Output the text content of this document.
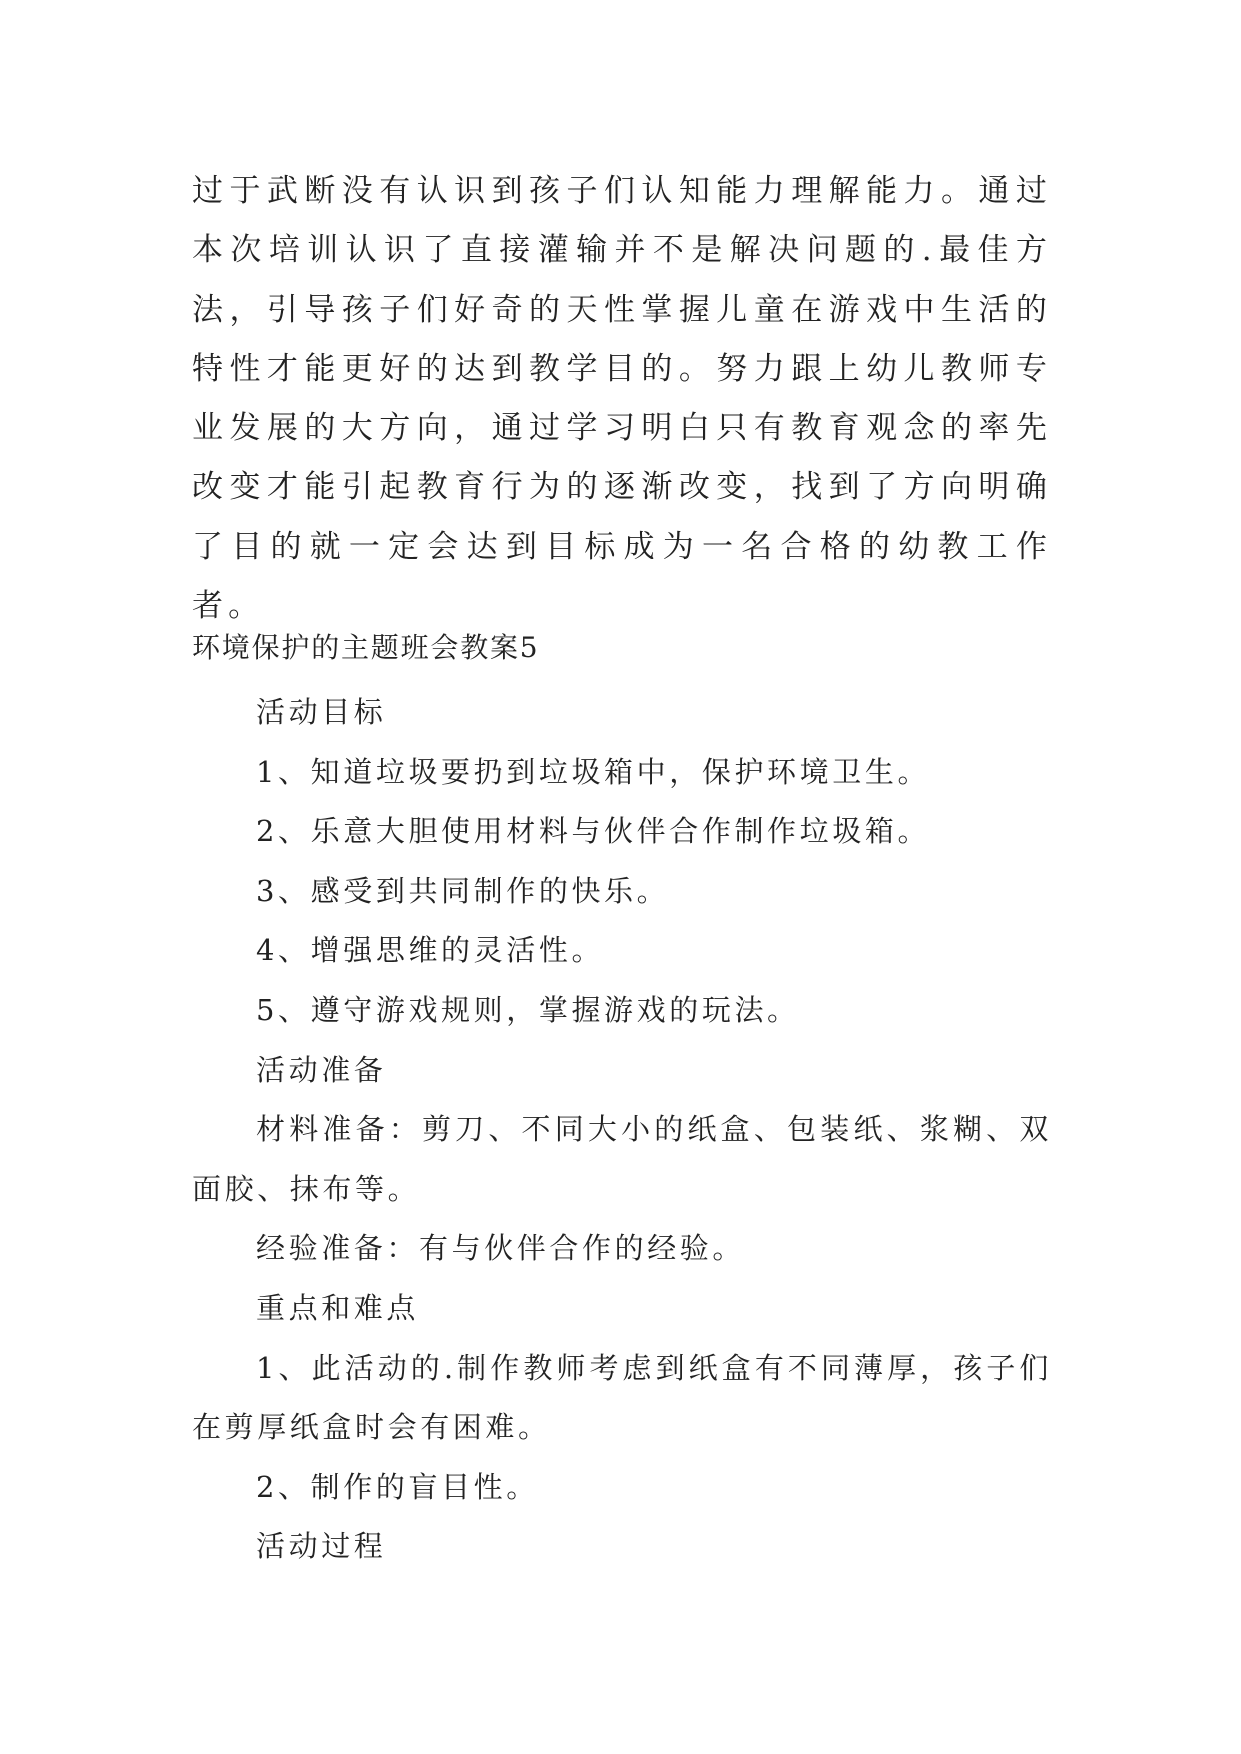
过于武断没有认识到孩子们认知能力理解能力。通过本次培训认识了直接灌输并不是解决问题的.最佳方法，引导孩子们好奇的天性掌握儿童在游戏中生活的特性才能更好的达到教学目的。努力跟上幼儿教师专业发展的大方向，通过学习明白只有教育观念的率先改变才能引起教育行为的逐渐改变，找到了方向明确了目的就一定会达到目标成为一名合格的幼教工作者。
环境保护的主题班会教案5

活动目标

1、知道垃圾要扔到垃圾箱中，保护环境卫生。

2、乐意大胆使用材料与伙伴合作制作垃圾箱。

3、感受到共同制作的快乐。

4、增强思维的灵活性。

5、遵守游戏规则，掌握游戏的玩法。

活动准备

材料准备：剪刀、不同大小的纸盒、包装纸、浆糊、双面胶、抹布等。

经验准备：有与伙伴合作的经验。

重点和难点

1、此活动的.制作教师考虑到纸盒有不同薄厚，孩子们在剪厚纸盒时会有困难。

2、制作的盲目性。

活动过程
